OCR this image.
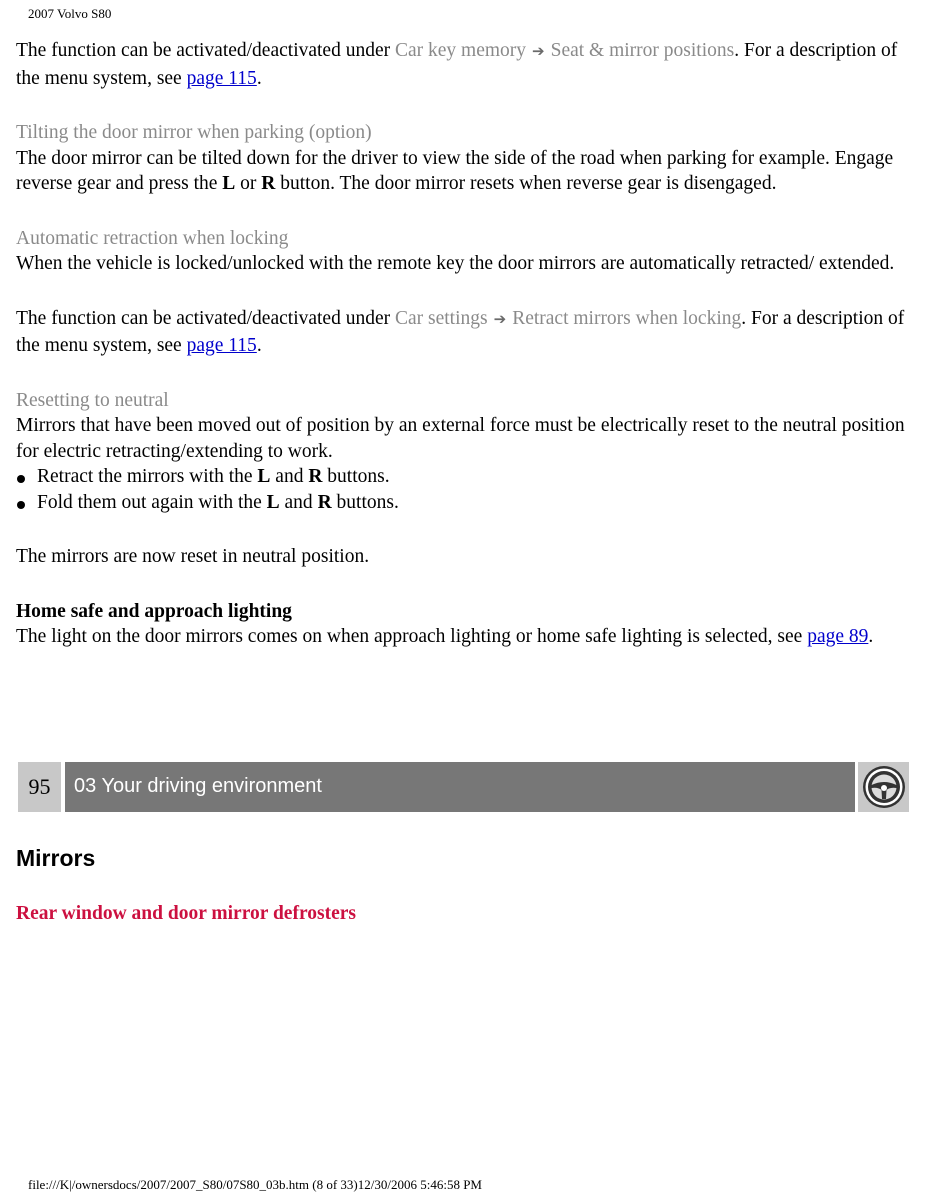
2007 Volvo S80

The function can be activated/deactivated under Car key memory ➔ Seat & mirror positions. For a description of the menu system, see page 115.

Tilting the door mirror when parking (option)
The door mirror can be tilted down for the driver to view the side of the road when parking for example. Engage reverse gear and press the L or R button. The door mirror resets when reverse gear is disengaged.

Automatic retraction when locking
When the vehicle is locked/unlocked with the remote key the door mirrors are automatically retracted/ extended.

The function can be activated/deactivated under Car settings ➔ Retract mirrors when locking. For a description of the menu system, see page 115.

Resetting to neutral
Mirrors that have been moved out of position by an external force must be electrically reset to the neutral position for electric retracting/extending to work.

Retract the mirrors with the L and R buttons.
Fold them out again with the L and R buttons.

The mirrors are now reset in neutral position.

Home safe and approach lighting
The light on the door mirrors comes on when approach lighting or home safe lighting is selected, see page 89.

95	03 Your driving environment
Mirrors
Rear window and door mirror defrosters
file:///K|/ownersdocs/2007/2007_S80/07S80_03b.htm (8 of 33)12/30/2006 5:46:58 PM
